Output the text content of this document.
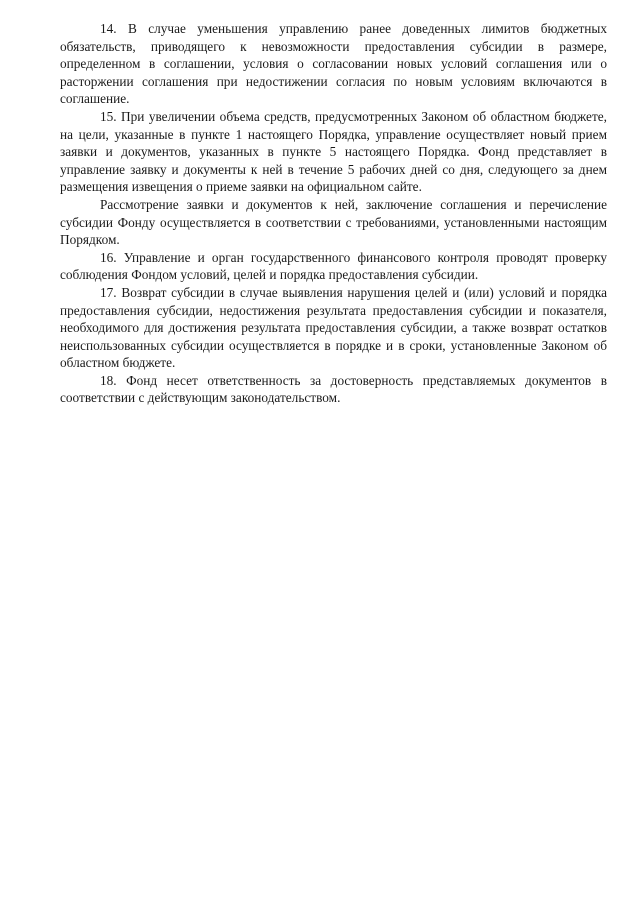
14. В случае уменьшения управлению ранее доведенных лимитов бюджетных обязательств, приводящего к невозможности предоставления субсидии в размере, определенном в соглашении, условия о согласовании новых условий соглашения или о расторжении соглашения при недостижении согласия по новым условиям включаются в соглашение.

15. При увеличении объема средств, предусмотренных Законом об областном бюджете, на цели, указанные в пункте 1 настоящего Порядка, управление осуществляет новый прием заявки и документов, указанных в пункте 5 настоящего Порядка. Фонд представляет в управление заявку и документы к ней в течение 5 рабочих дней со дня, следующего за днем размещения извещения о приеме заявки на официальном сайте.

Рассмотрение заявки и документов к ней, заключение соглашения и перечисление субсидии Фонду осуществляется в соответствии с требованиями, установленными настоящим Порядком.

16. Управление и орган государственного финансового контроля проводят проверку соблюдения Фондом условий, целей и порядка предоставления субсидии.

17. Возврат субсидии в случае выявления нарушения целей и (или) условий и порядка предоставления субсидии, недостижения результата предоставления субсидии и показателя, необходимого для достижения результата предоставления субсидии, а также возврат остатков неиспользованных субсидии осуществляется в порядке и в сроки, установленные Законом об областном бюджете.

18. Фонд несет ответственность за достоверность представляемых документов в соответствии с действующим законодательством.
